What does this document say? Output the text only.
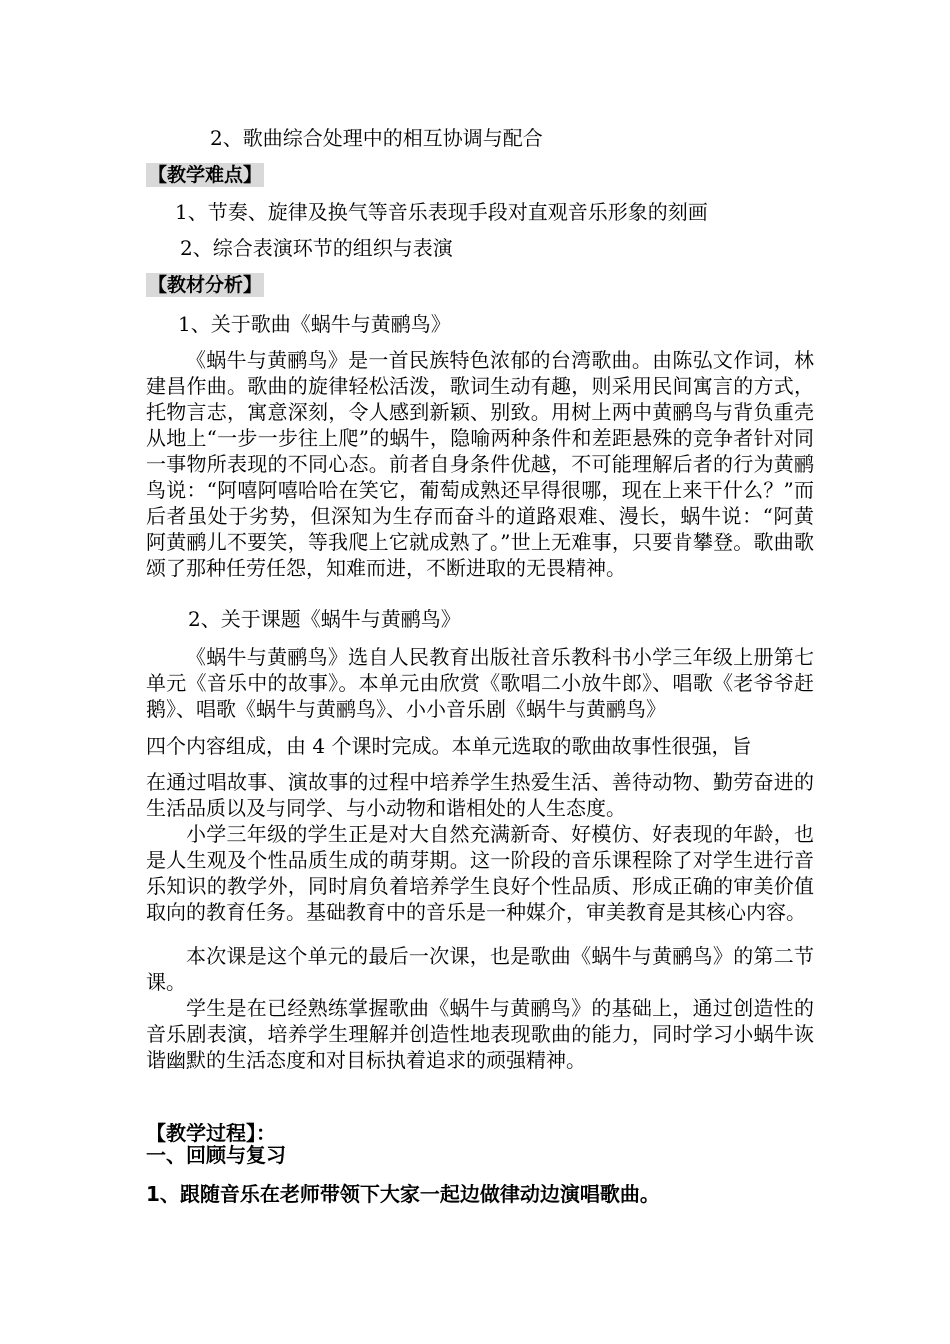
2、歌曲综合处理中的相互协调与配合
【教学难点】
1、节奏、旋律及换气等音乐表现手段对直观音乐形象的刻画
2、综合表演环节的组织与表演
【教材分析】
1、关于歌曲《蜗牛与黄鹂鸟》
《蜗牛与黄鹂鸟》是一首民族特色浓郁的台湾歌曲。由陈弘文作词，林建昌作曲。歌曲的旋律轻松活泼，歌词生动有趣，则采用民间寓言的方式，托物言志，寓意深刻，令人感到新颖、别致。用树上两中黄鹂鸟与背负重壳从地上“一步一步往上爬”的蜗牛，隐喻两种条件和差距悬殊的竞争者针对同一事物所表现的不同心态。前者自身条件优越，不可能理解后者的行为黄鹂鸟说：“阿嘻阿嘻哈哈在笑它，葡萄成熟还早得很哪，现在上来干什么？”而后者虽处于劣势，但深知为生存而奋斗的道路艰难、漫长，蜗牛说：“阿黄阿黄鹂儿不要笑，等我爬上它就成熟了。”世上无难事，只要肯攀登。歌曲歌颂了那种任劳任怨，知难而进，不断进取的无畏精神。
2、关于课题《蜗牛与黄鹂鸟》
《蜗牛与黄鹂鸟》选自人民教育出版社音乐教科书小学三年级上册第七单元《音乐中的故事》。本单元由欣赏《歌唱二小放牛郎》、唱歌《老爷爷赶鹅》、唱歌《蜗牛与黄鹂鸟》、小小音乐剧《蜗牛与黄鹂鸟》
四个内容组成，由 4 个课时完成。本单元选取的歌曲故事性很强，旨
在通过唱故事、演故事的过程中培养学生热爱生活、善待动物、勤劳奋进的生活品质以及与同学、与小动物和谐相处的人生态度。
小学三年级的学生正是对大自然充满新奇、好模仿、好表现的年龄，也是人生观及个性品质生成的萌芽期。这一阶段的音乐课程除了对学生进行音乐知识的教学外，同时肩负着培养学生良好个性品质、形成正确的审美价值取向的教育任务。基础教育中的音乐是一种媒介，审美教育是其核心内容。
本次课是这个单元的最后一次课，也是歌曲《蜗牛与黄鹂鸟》的第二节课。
学生是在已经熟练掌握歌曲《蜗牛与黄鹂鸟》的基础上，通过创造性的音乐剧表演，培养学生理解并创造性地表现歌曲的能力，同时学习小蜗牛诙谐幽默的生活态度和对目标执着追求的顽强精神。
【教学过程】：
一、回顾与复习
1、跟随音乐在老师带领下大家一起边做律动边演唱歌曲。
